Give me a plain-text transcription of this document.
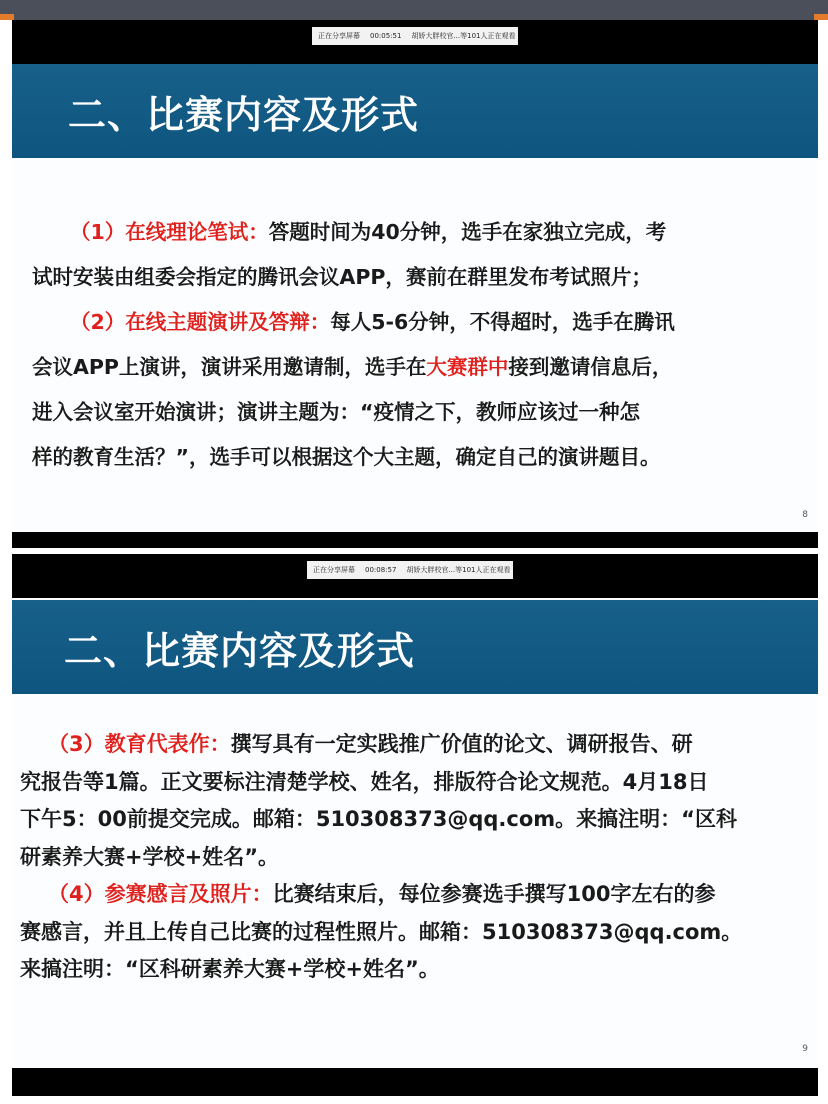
正在分享屏幕 00:05:51 胡娇大胖校官...等101人正在观看
二、比赛内容及形式
（1）在线理论笔试：答题时间为40分钟，选手在家独立完成，考
试时安装由组委会指定的腾讯会议APP，赛前在群里发布考试照片；
（2）在线主题演讲及答辩：每人5-6分钟，不得超时，选手在腾讯
会议APP上演讲，演讲采用邀请制，选手在大赛群中接到邀请信息后，
进入会议室开始演讲；演讲主题为：“疫情之下，教师应该过一种怎
样的教育生活？”，选手可以根据这个大主题，确定自己的演讲题目。
8
正在分享屏幕 00:08:57 胡娇大胖校官...等101人正在观看
二、比赛内容及形式
（3）教育代表作：撰写具有一定实践推广价值的论文、调研报告、研
究报告等1篇。正文要标注清楚学校、姓名，排版符合论文规范。4月18日
下午5：00前提交完成。邮箱：510308373@qq.com。来搞注明：“区科
研素养大赛+学校+姓名”。
（4）参赛感言及照片：比赛结束后，每位参赛选手撰写100字左右的参
赛感言，并且上传自己比赛的过程性照片。邮箱：510308373@qq.com。
来搞注明：“区科研素养大赛+学校+姓名”。
9
